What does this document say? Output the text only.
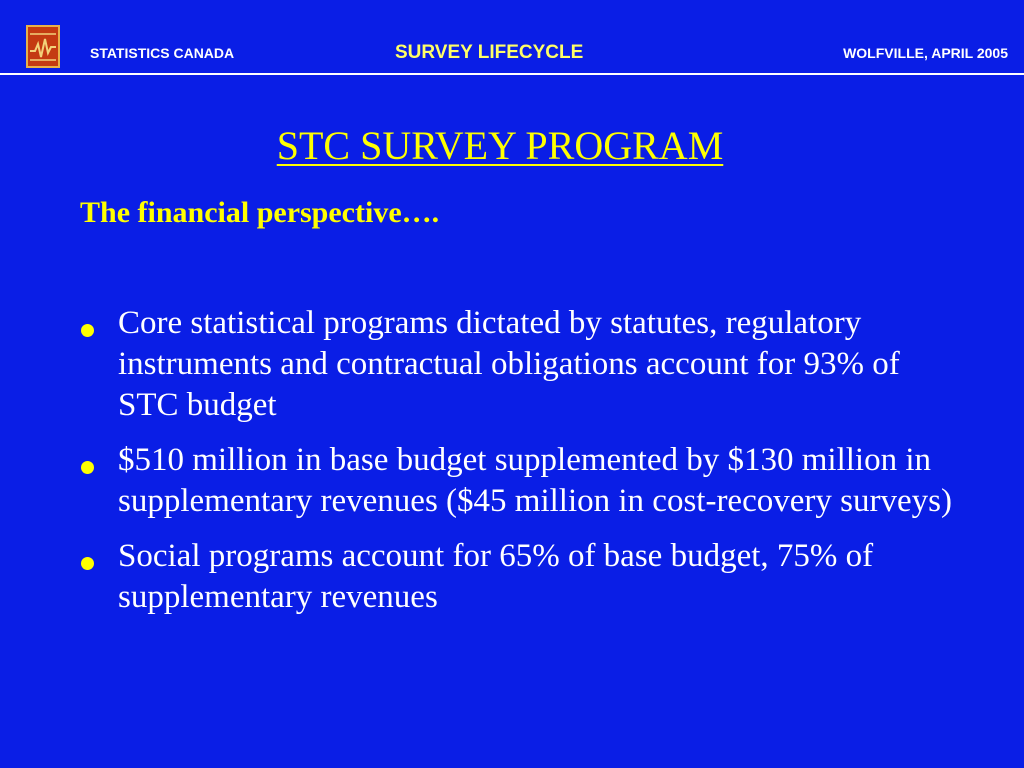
STATISTICS CANADA	SURVEY LIFECYCLE	WOLFVILLE, APRIL 2005
STC SURVEY PROGRAM
The financial perspective….
Core statistical programs dictated by statutes, regulatory instruments and contractual obligations account for 93% of STC budget
$510 million in base budget supplemented by $130 million in supplementary revenues ($45 million in cost-recovery surveys)
Social programs account for 65% of base budget, 75% of supplementary revenues
